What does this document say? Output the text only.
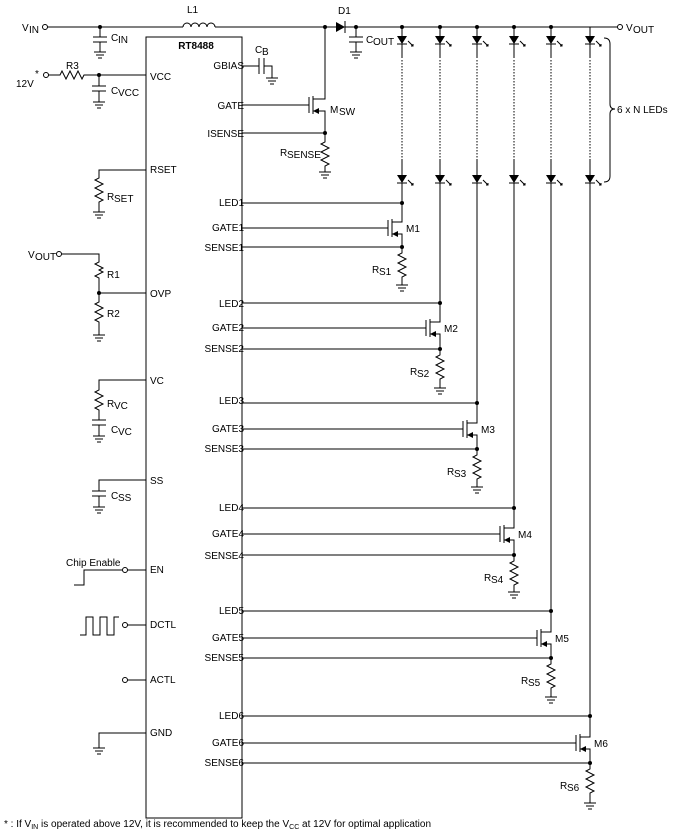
RT8488
VCC
RSET
OVP
VC
SS
EN
DCTL
ACTL
GND
GBIAS
GATE
ISENSE
LED1
GATE1
SENSE1
LED2
GATE2
SENSE2
LED3
GATE3
SENSE3
LED4
GATE4
SENSE4
LED5
GATE5
SENSE5
LED6
GATE6
SENSE6
V IN
L1	D1
V OUT
C IN
12V
*
R3
C VCC
R SET
V OUT
R1
R2
R VC
C VC
C SS
Chip Enable
C B
M SW
R SENSE
C OUT
M1
R S1
M2
R S2
M3
R S3
M4
R S4
M5
R S5
M6
R S6
6 x N LEDs
* : If $V_{IN}$ is operated above 12V, it is recommended to keep the $V_{CC}$ at 12V for optimal application
